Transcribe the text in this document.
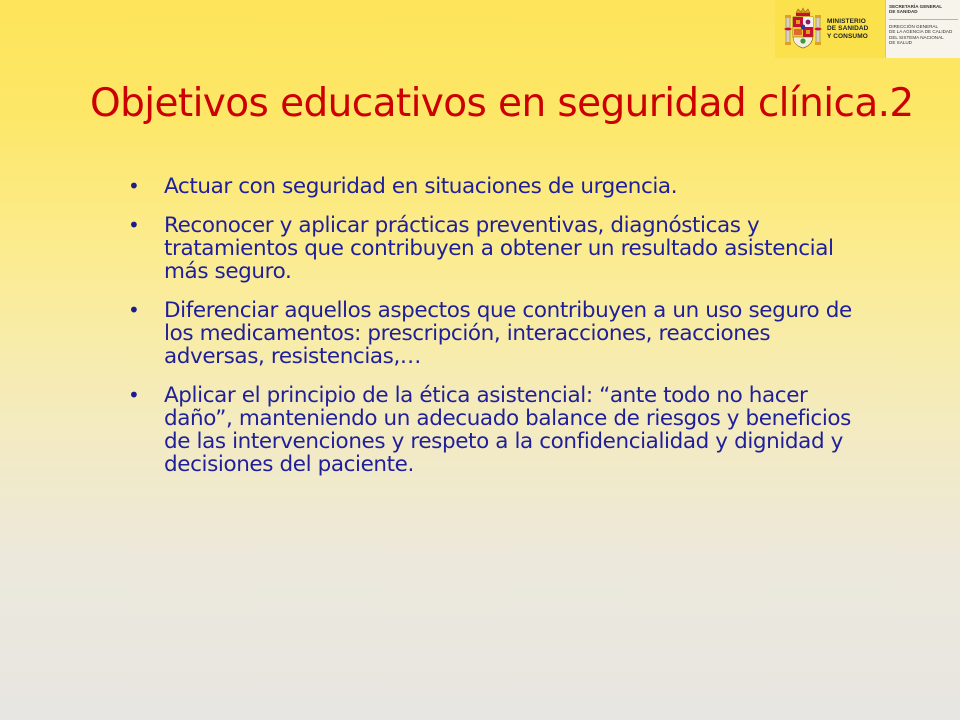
MINISTERIO
DE SANIDAD
Y CONSUMO
SECRETARÍA GENERAL
DE SANIDAD
DIRECCIÓN GENERAL
DE LA AGENCIA DE CALIDAD
DEL SISTEMA NACIONAL
DE SALUD
Objetivos educativos en seguridad clínica.2
•	Actuar con seguridad en situaciones de urgencia.
•	Reconocer y aplicar prácticas preventivas, diagnósticas y tratamientos que contribuyen a obtener un resultado asistencial más seguro.
•	Diferenciar aquellos aspectos que contribuyen a un uso seguro de los medicamentos: prescripción, interacciones, reacciones adversas, resistencias,…
•	Aplicar el principio de la ética asistencial: “ante todo no hacer daño”, manteniendo un adecuado balance de riesgos y beneficios de las intervenciones y respeto a la confidencialidad y dignidad y decisiones del paciente.
